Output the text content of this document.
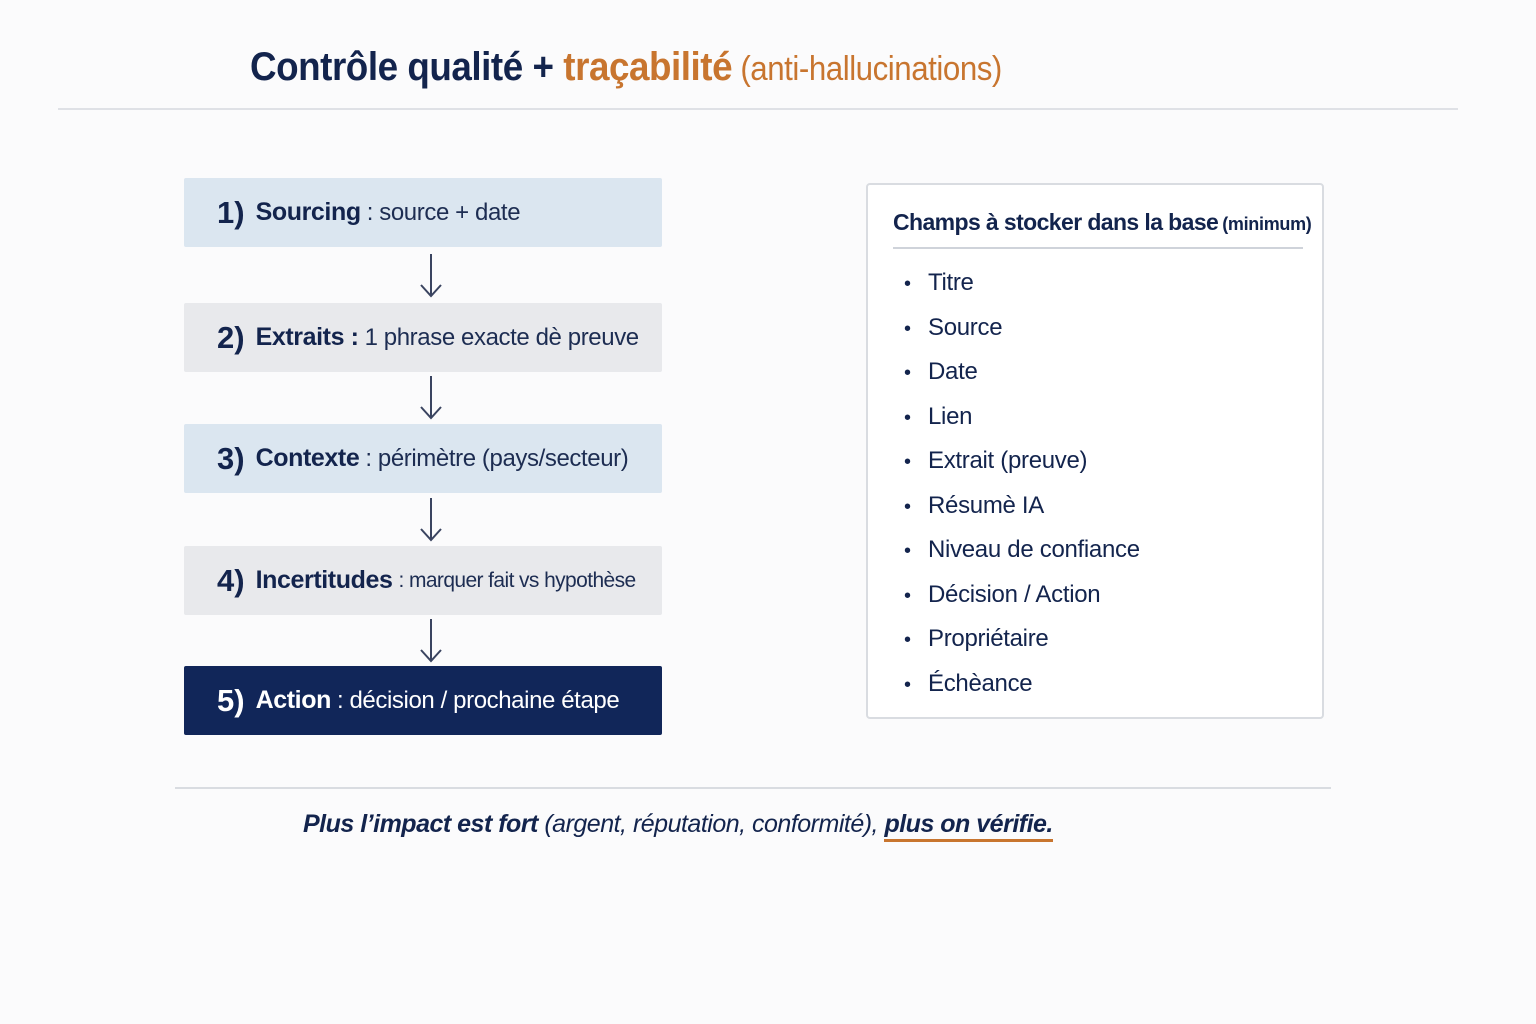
Contrôle qualité + traçabilité (anti-hallucinations)
1) Sourcing : source + date
2) Extraits : 1 phrase exacte dè preuve
3) Contexte : périmètre (pays/secteur)
4) Incertitudes : marquer fait vs hypothèse
5) Action : décision / prochaine étape
Champs à stocker dans la base (minimum)
• Titre
• Source
• Date
• Lien
• Extrait (preuve)
• Résumè IA
• Niveau de confiance
• Décision / Action
• Propriétaire
• Échèance
Plus l’impact est fort (argent, réputation, conformité), plus on vérifie.
